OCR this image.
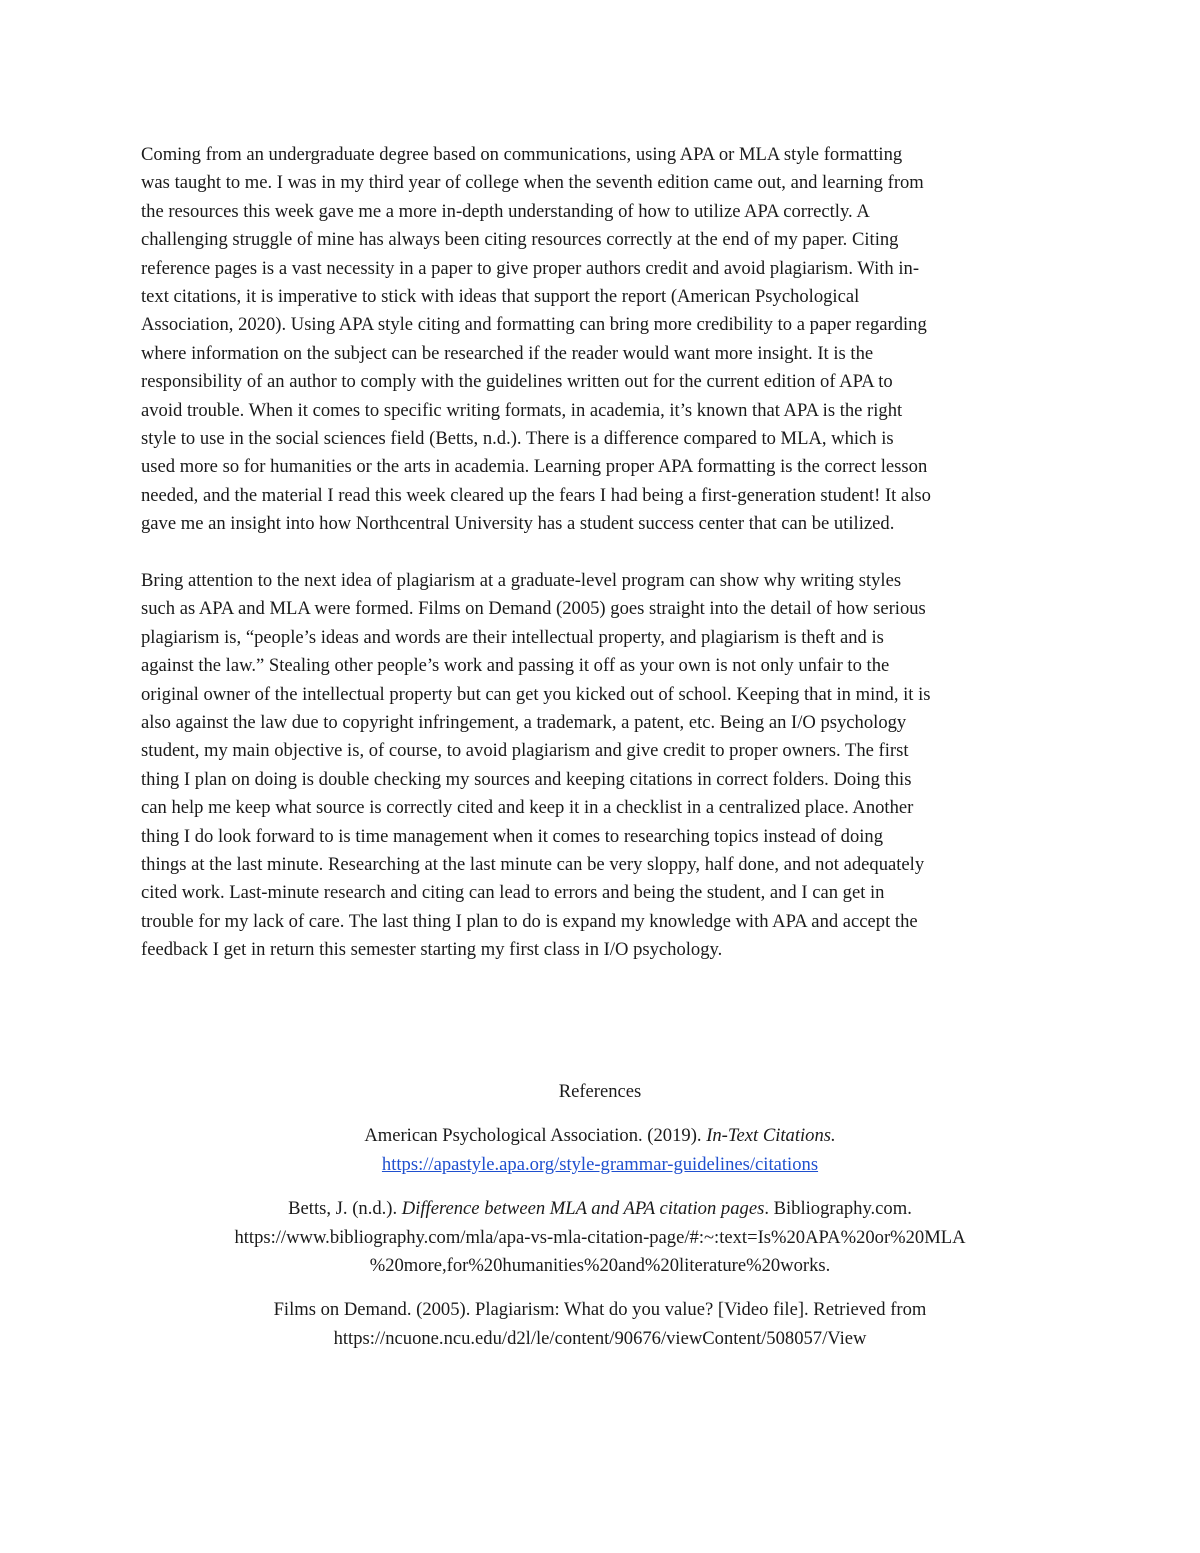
Coming from an undergraduate degree based on communications, using APA or MLA style formatting
was taught to me. I was in my third year of college when the seventh edition came out, and learning from
the resources this week gave me a more in-depth understanding of how to utilize APA correctly. A
challenging struggle of mine has always been citing resources correctly at the end of my paper. Citing
reference pages is a vast necessity in a paper to give proper authors credit and avoid plagiarism. With in-
text citations, it is imperative to stick with ideas that support the report (American Psychological
Association, 2020). Using APA style citing and formatting can bring more credibility to a paper regarding
where information on the subject can be researched if the reader would want more insight. It is the
responsibility of an author to comply with the guidelines written out for the current edition of APA to
avoid trouble. When it comes to specific writing formats, in academia, it’s known that APA is the right
style to use in the social sciences field (Betts, n.d.). There is a difference compared to MLA, which is
used more so for humanities or the arts in academia. Learning proper APA formatting is the correct lesson
needed, and the material I read this week cleared up the fears I had being a first-generation student! It also
gave me an insight into how Northcentral University has a student success center that can be utilized.
Bring attention to the next idea of plagiarism at a graduate-level program can show why writing styles
such as APA and MLA were formed. Films on Demand (2005) goes straight into the detail of how serious
plagiarism is, “people’s ideas and words are their intellectual property, and plagiarism is theft and is
against the law.” Stealing other people’s work and passing it off as your own is not only unfair to the
original owner of the intellectual property but can get you kicked out of school. Keeping that in mind, it is
also against the law due to copyright infringement, a trademark, a patent, etc. Being an I/O psychology
student, my main objective is, of course, to avoid plagiarism and give credit to proper owners. The first
thing I plan on doing is double checking my sources and keeping citations in correct folders. Doing this
can help me keep what source is correctly cited and keep it in a checklist in a centralized place. Another
thing I do look forward to is time management when it comes to researching topics instead of doing
things at the last minute. Researching at the last minute can be very sloppy, half done, and not adequately
cited work. Last-minute research and citing can lead to errors and being the student, and I can get in
trouble for my lack of care. The last thing I plan to do is expand my knowledge with APA and accept the
feedback I get in return this semester starting my first class in I/O psychology.
References
American Psychological Association. (2019). In-Text Citations.
https://apastyle.apa.org/style-grammar-guidelines/citations
Betts, J. (n.d.). Difference between MLA and APA citation pages. Bibliography.com.
https://www.bibliography.com/mla/apa-vs-mla-citation-page/#:~:text=Is%20APA%20or%20MLA
%20more,for%20humanities%20and%20literature%20works.
Films on Demand. (2005). Plagiarism: What do you value? [Video file]. Retrieved from
https://ncuone.ncu.edu/d2l/le/content/90676/viewContent/508057/View
